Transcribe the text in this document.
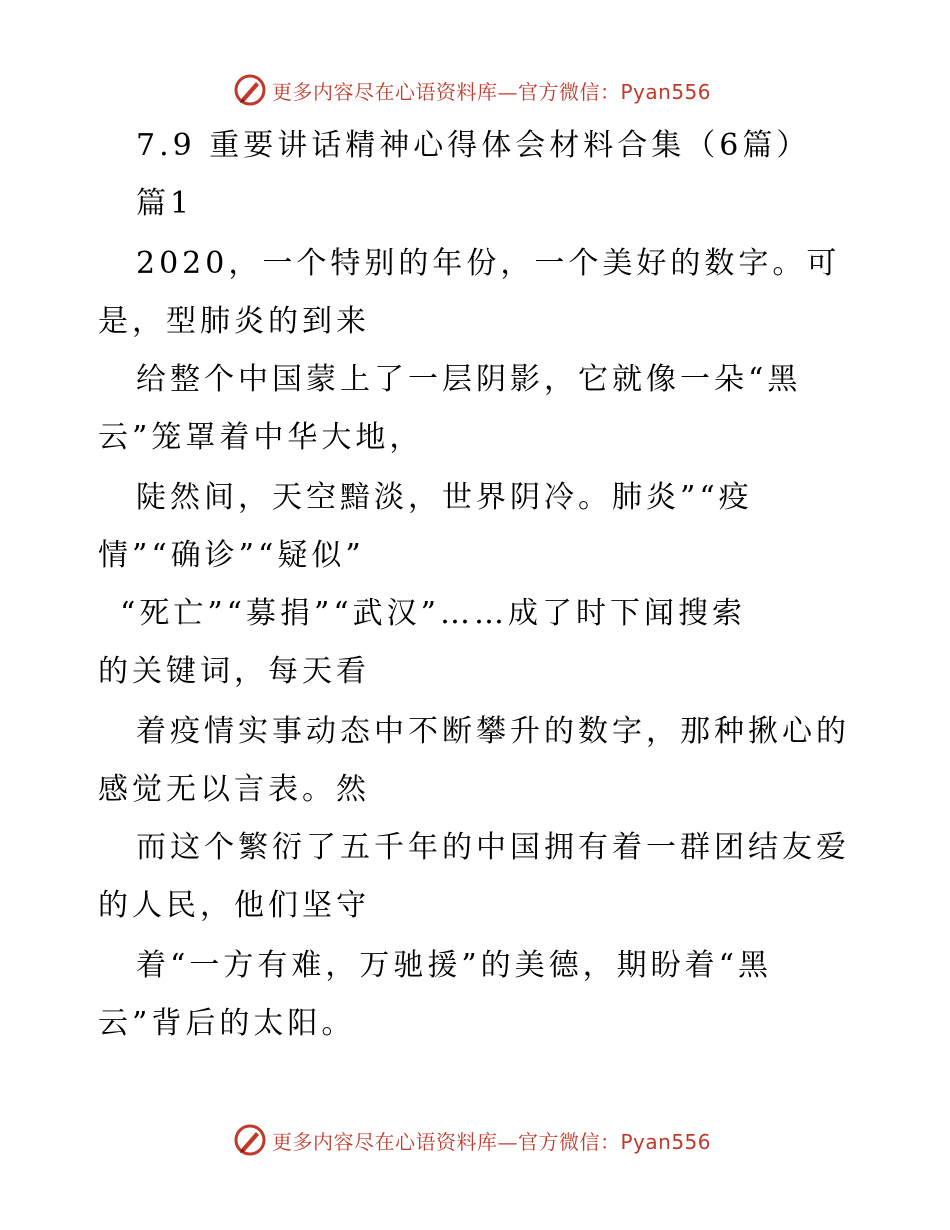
更多内容尽在心语资料库—官方微信：Pyan556
7.9 重要讲话精神心得体会材料合集（6篇）
篇1
2020，一个特别的年份，一个美好的数字。可
是，型肺炎的到来
给整个中国蒙上了一层阴影，它就像一朵“黑
云”笼罩着中华大地，
陡然间，天空黯淡，世界阴冷。肺炎”“疫
情”“确诊”“疑似”
“死亡”“募捐”“武汉”……成了时下闻搜索
的关键词，每天看
着疫情实事动态中不断攀升的数字，那种揪心的
感觉无以言表。然
而这个繁衍了五千年的中国拥有着一群团结友爱
的人民，他们坚守
着“一方有难，万驰援”的美德，期盼着“黑
云”背后的太阳。
更多内容尽在心语资料库—官方微信：Pyan556
